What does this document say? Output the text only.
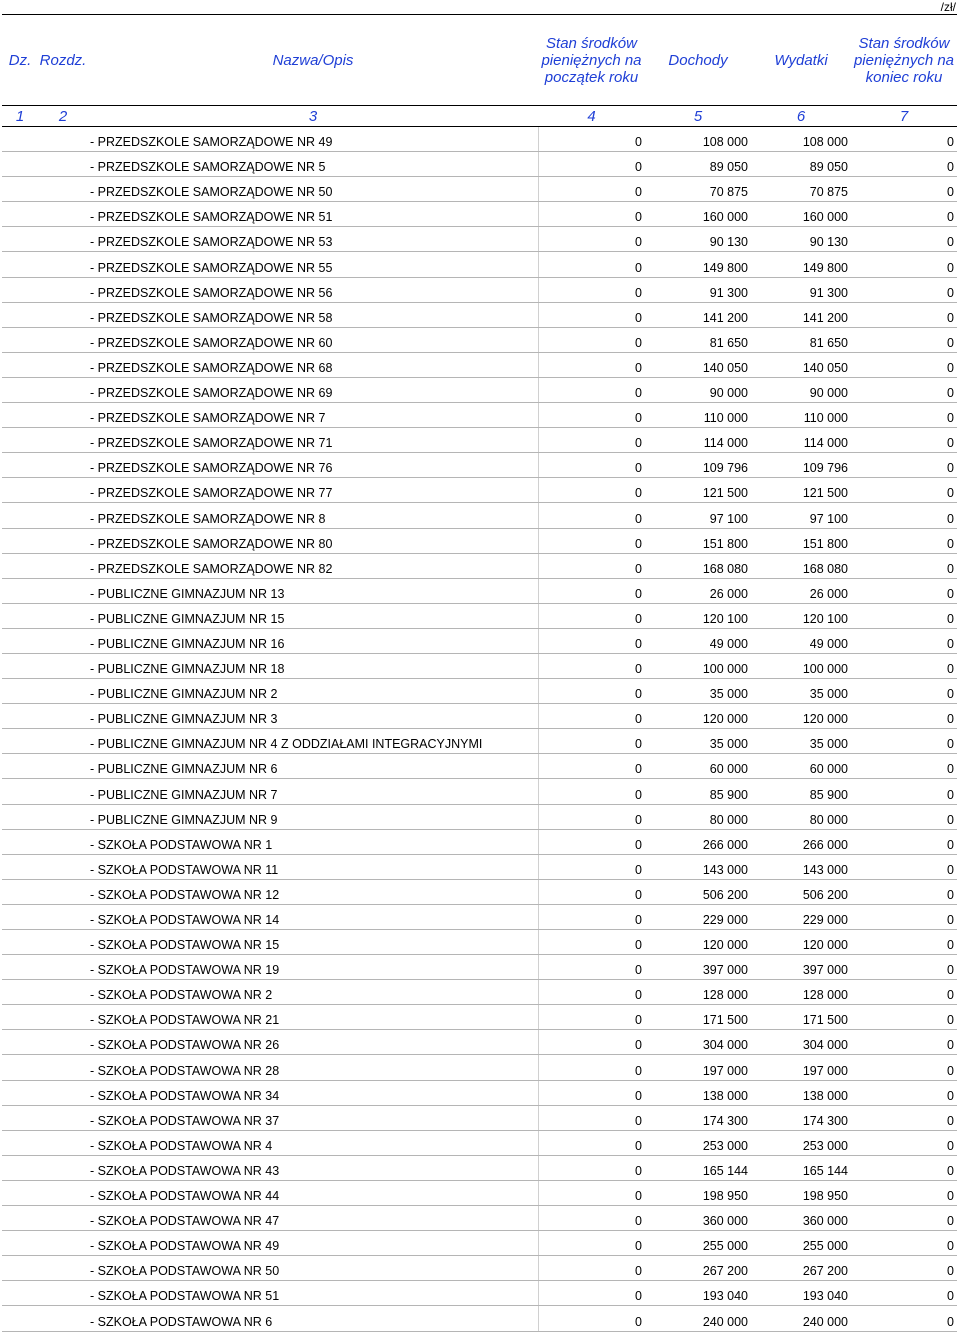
/zł/
Dz.	Rozdz.	Nazwa/Opis	Stan środków pieniężnych na początek roku	Dochody	Wydatki	Stan środków pieniężnych na koniec roku
1	2	3	4	5	6	7
		- PRZEDSZKOLE SAMORZĄDOWE NR 49	0	108 000	108 000	0
		- PRZEDSZKOLE SAMORZĄDOWE NR 5	0	89 050	89 050	0
		- PRZEDSZKOLE SAMORZĄDOWE NR 50	0	70 875	70 875	0
		- PRZEDSZKOLE SAMORZĄDOWE NR 51	0	160 000	160 000	0
		- PRZEDSZKOLE SAMORZĄDOWE NR 53	0	90 130	90 130	0
		- PRZEDSZKOLE SAMORZĄDOWE NR 55	0	149 800	149 800	0
		- PRZEDSZKOLE SAMORZĄDOWE NR 56	0	91 300	91 300	0
		- PRZEDSZKOLE SAMORZĄDOWE NR 58	0	141 200	141 200	0
		- PRZEDSZKOLE SAMORZĄDOWE NR 60	0	81 650	81 650	0
		- PRZEDSZKOLE SAMORZĄDOWE NR 68	0	140 050	140 050	0
		- PRZEDSZKOLE SAMORZĄDOWE NR 69	0	90 000	90 000	0
		- PRZEDSZKOLE SAMORZĄDOWE NR 7	0	110 000	110 000	0
		- PRZEDSZKOLE SAMORZĄDOWE NR 71	0	114 000	114 000	0
		- PRZEDSZKOLE SAMORZĄDOWE NR 76	0	109 796	109 796	0
		- PRZEDSZKOLE SAMORZĄDOWE NR 77	0	121 500	121 500	0
		- PRZEDSZKOLE SAMORZĄDOWE NR 8	0	97 100	97 100	0
		- PRZEDSZKOLE SAMORZĄDOWE NR 80	0	151 800	151 800	0
		- PRZEDSZKOLE SAMORZĄDOWE NR 82	0	168 080	168 080	0
		- PUBLICZNE GIMNAZJUM NR 13	0	26 000	26 000	0
		- PUBLICZNE GIMNAZJUM NR 15	0	120 100	120 100	0
		- PUBLICZNE GIMNAZJUM NR 16	0	49 000	49 000	0
		- PUBLICZNE GIMNAZJUM NR 18	0	100 000	100 000	0
		- PUBLICZNE GIMNAZJUM NR 2	0	35 000	35 000	0
		- PUBLICZNE GIMNAZJUM NR 3	0	120 000	120 000	0
		- PUBLICZNE GIMNAZJUM NR 4 Z ODDZIAŁAMI INTEGRACYJNYMI	0	35 000	35 000	0
		- PUBLICZNE GIMNAZJUM NR 6	0	60 000	60 000	0
		- PUBLICZNE GIMNAZJUM NR 7	0	85 900	85 900	0
		- PUBLICZNE GIMNAZJUM NR 9	0	80 000	80 000	0
		- SZKOŁA PODSTAWOWA NR 1	0	266 000	266 000	0
		- SZKOŁA PODSTAWOWA NR 11	0	143 000	143 000	0
		- SZKOŁA PODSTAWOWA NR 12	0	506 200	506 200	0
		- SZKOŁA PODSTAWOWA NR 14	0	229 000	229 000	0
		- SZKOŁA PODSTAWOWA NR 15	0	120 000	120 000	0
		- SZKOŁA PODSTAWOWA NR 19	0	397 000	397 000	0
		- SZKOŁA PODSTAWOWA NR 2	0	128 000	128 000	0
		- SZKOŁA PODSTAWOWA NR 21	0	171 500	171 500	0
		- SZKOŁA PODSTAWOWA NR 26	0	304 000	304 000	0
		- SZKOŁA PODSTAWOWA NR 28	0	197 000	197 000	0
		- SZKOŁA PODSTAWOWA NR 34	0	138 000	138 000	0
		- SZKOŁA PODSTAWOWA NR 37	0	174 300	174 300	0
		- SZKOŁA PODSTAWOWA NR 4	0	253 000	253 000	0
		- SZKOŁA PODSTAWOWA NR 43	0	165 144	165 144	0
		- SZKOŁA PODSTAWOWA NR 44	0	198 950	198 950	0
		- SZKOŁA PODSTAWOWA NR 47	0	360 000	360 000	0
		- SZKOŁA PODSTAWOWA NR 49	0	255 000	255 000	0
		- SZKOŁA PODSTAWOWA NR 50	0	267 200	267 200	0
		- SZKOŁA PODSTAWOWA NR 51	0	193 040	193 040	0
		- SZKOŁA PODSTAWOWA NR 6	0	240 000	240 000	0
